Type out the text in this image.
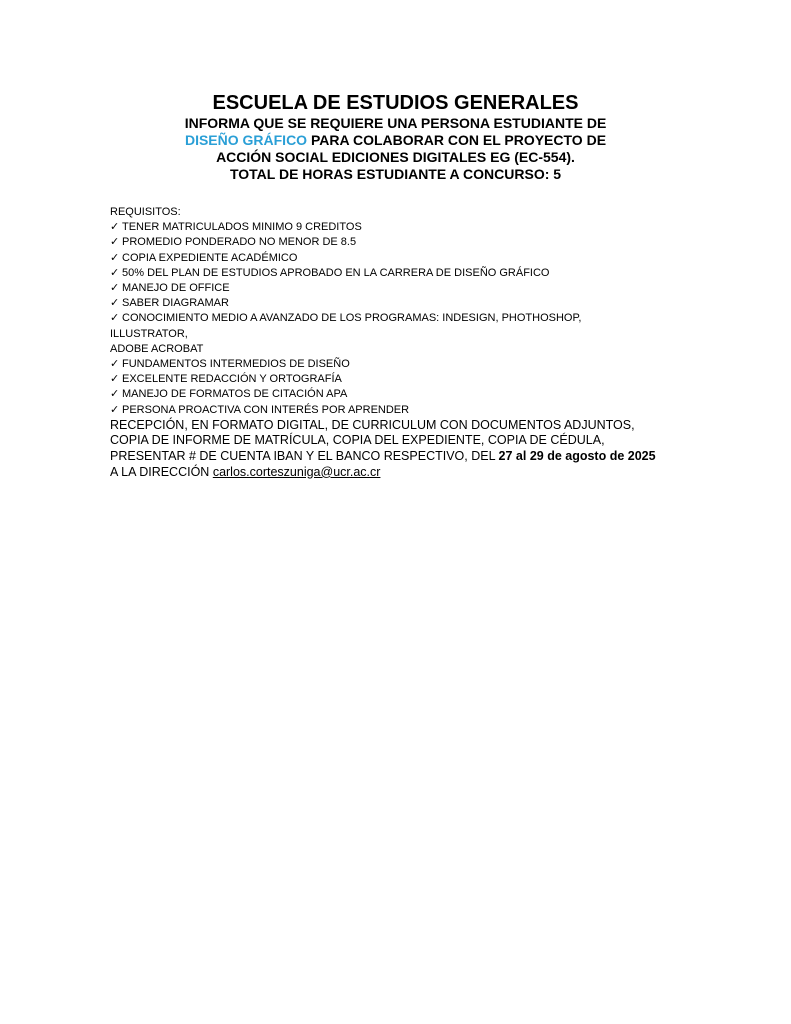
ESCUELA DE ESTUDIOS GENERALES

INFORMA QUE SE REQUIERE UNA PERSONA ESTUDIANTE DE

DISEÑO GRÁFICO PARA COLABORAR CON EL PROYECTO DE

ACCIÓN SOCIAL EDICIONES DIGITALES EG (EC-554).

TOTAL DE HORAS ESTUDIANTE A CONCURSO: 5

REQUISITOS:
✓ TENER MATRICULADOS MINIMO 9 CREDITOS
✓ PROMEDIO PONDERADO NO MENOR DE 8.5
✓ COPIA EXPEDIENTE ACADÉMICO
✓ 50% DEL PLAN DE ESTUDIOS APROBADO EN LA CARRERA DE DISEÑO GRÁFICO
✓ MANEJO DE OFFICE
✓ SABER DIAGRAMAR
✓ CONOCIMIENTO MEDIO A AVANZADO DE LOS PROGRAMAS: INDESIGN, PHOTHOSHOP,
ILLUSTRATOR,
ADOBE ACROBAT
✓ FUNDAMENTOS INTERMEDIOS DE DISEÑO
✓ EXCELENTE REDACCIÓN Y ORTOGRAFÍA
✓ MANEJO DE FORMATOS DE CITACIÓN APA
✓ PERSONA PROACTIVA CON INTERÉS POR APRENDER
RECEPCIÓN, EN FORMATO DIGITAL, DE CURRICULUM CON DOCUMENTOS ADJUNTOS,
COPIA DE INFORME DE MATRÍCULA, COPIA DEL EXPEDIENTE, COPIA DE CÉDULA,
PRESENTAR # DE CUENTA IBAN Y EL BANCO RESPECTIVO, DEL 27 al 29 de agosto de 2025
A LA DIRECCIÓN carlos.corteszuniga@ucr.ac.cr
